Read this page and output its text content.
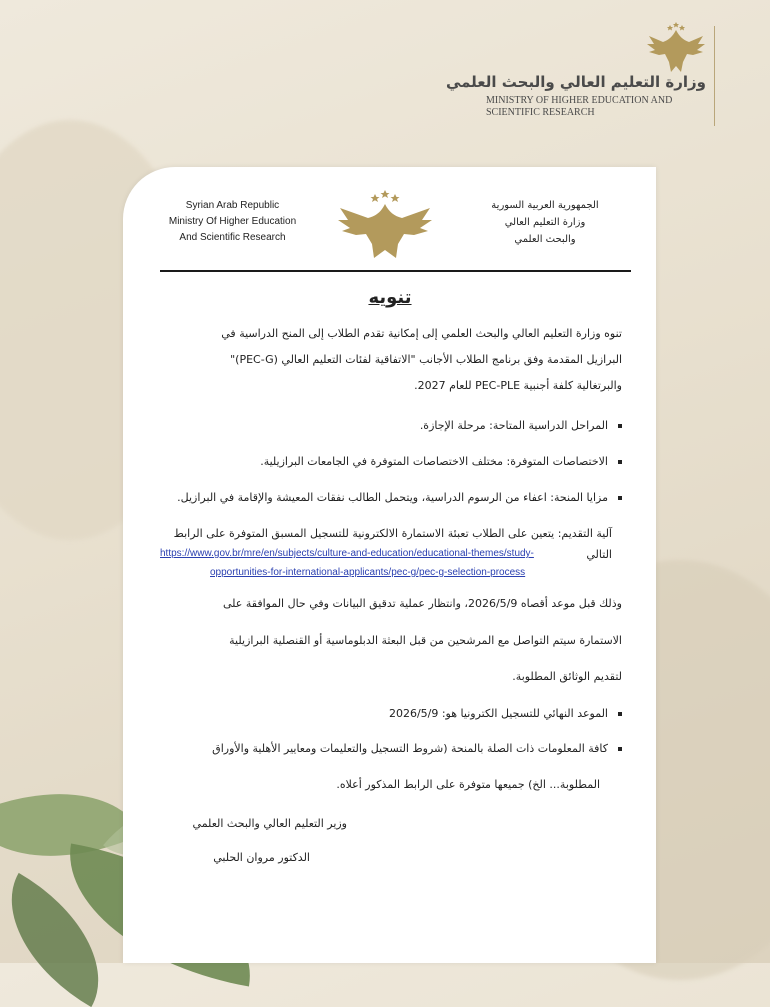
وزارة التعليم العالي والبحث العلمي
MINISTRY OF HIGHER EDUCATION AND
SCIENTIFIC RESEARCH
Syrian Arab Republic
Ministry Of Higher Education
And Scientific Research
الجمهورية العربية السورية
وزارة التعليم العالي
والبحث العلمي
تنويه
تنوه وزارة التعليم العالي والبحث العلمي إلى إمكانية تقدم الطلاب إلى المنح الدراسية في
البرازيل المقدمة وفق برنامج الطلاب الأجانب "الاتفاقية لفئات التعليم العالي (PEC-G)"
والبرتغالية كلفة أجنبية PEC-PLE للعام 2027.
المراحل الدراسية المتاحة: مرحلة الإجازة.
الاختصاصات المتوفرة: مختلف الاختصاصات المتوفرة في الجامعات البرازيلية.
مزايا المنحة: اعفاء من الرسوم الدراسية، ويتحمل الطالب نفقات المعيشة والإقامة في البرازيل.
آلية التقديم: يتعين على الطلاب تعبئة الاستمارة الالكترونية للتسجيل المسبق المتوفرة على الرابط
التالي
https://www.gov.br/mre/en/subjects/culture-and-education/educational-themes/study-
opportunities-for-international-applicants/pec-g/pec-g-selection-process
وذلك قبل موعد أقصاه 2026/5/9، وانتظار عملية تدقيق البيانات وفي حال الموافقة على
الاستمارة سيتم التواصل مع المرشحين من قبل البعثة الدبلوماسية أو القنصلية البرازيلية
لتقديم الوثائق المطلوبة.
الموعد النهائي للتسجيل الكترونيا هو: 2026/5/9
كافة المعلومات ذات الصلة بالمنحة (شروط التسجيل والتعليمات ومعايير الأهلية والأوراق
المطلوبة... الخ) جميعها متوفرة على الرابط المذكور أعلاه.
وزير التعليم العالي والبحث العلمي
الدكتور مروان الحلبي
